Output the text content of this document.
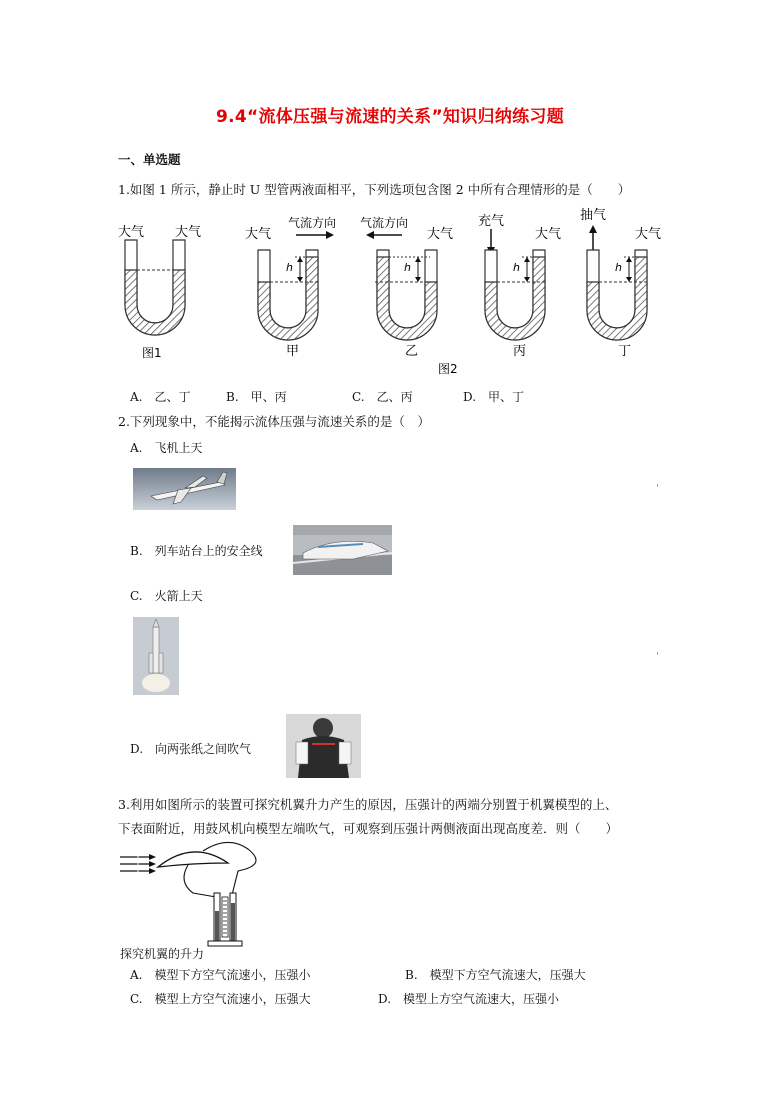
9.4“流体压强与流速的关系”知识归纳练习题
一、单选题
1.如图 1 所示，静止时 U 型管两液面相平，下列选项包含图 2 中所有合理情形的是（　　）
大气 大气
图1
大气
气流方向
h
甲
气流方向
大气
h
乙
充气
大气
h
丙
抽气
大气
h
丁
图2
A.　乙、丁	B.　甲、丙	C.　乙、丙	D.　甲、丁
2.下列现象中，不能揭示流体压强与流速关系的是（　）
A.　飞机上天
'
B.　列车站台上的安全线
C.　火箭上天
'
D.　向两张纸之间吹气
3.利用如图所示的装置可探究机翼升力产生的原因，压强计的两端分别置于机翼模型的上、
下表面附近，用鼓风机向模型左端吹气，可观察到压强计两侧液面出现高度差．则（　　）
探究机翼的升力
A.　模型下方空气流速小，压强小	B.　模型下方空气流速大，压强大
C.　模型上方空气流速小，压强大	D.　模型上方空气流速大，压强小
